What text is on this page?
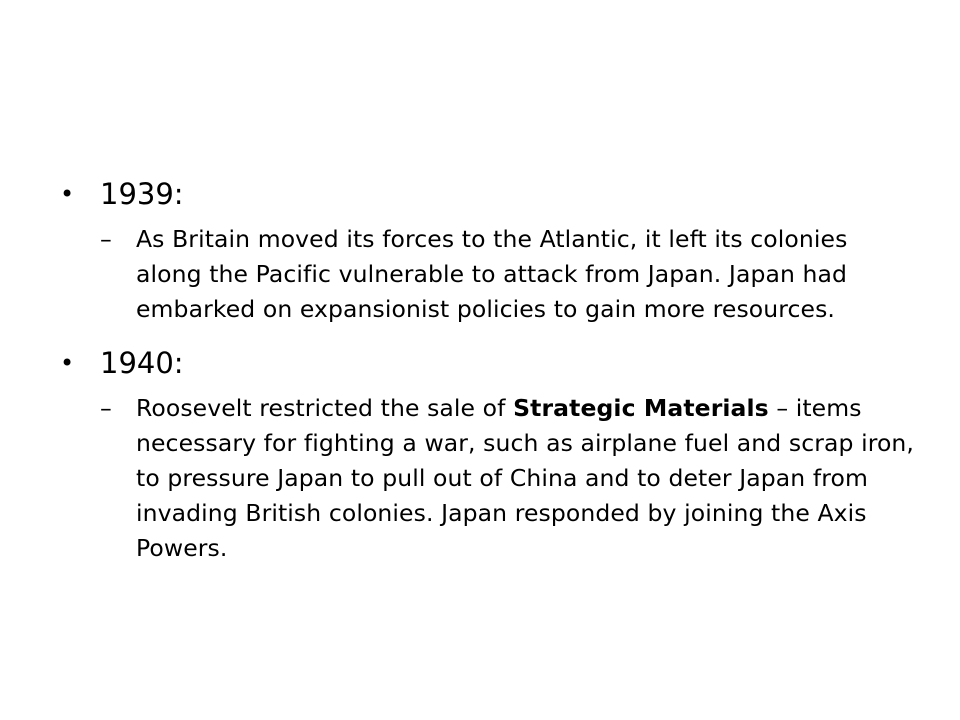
• 1939:
–	As Britain moved its forces to the Atlantic, it left its colonies along the Pacific vulnerable to attack from Japan. Japan had embarked on expansionist policies to gain more resources.
• 1940:
–	Roosevelt restricted the sale of Strategic Materials – items necessary for fighting a war, such as airplane fuel and scrap iron, to pressure Japan to pull out of China and to deter Japan from invading British colonies. Japan responded by joining the Axis Powers.
